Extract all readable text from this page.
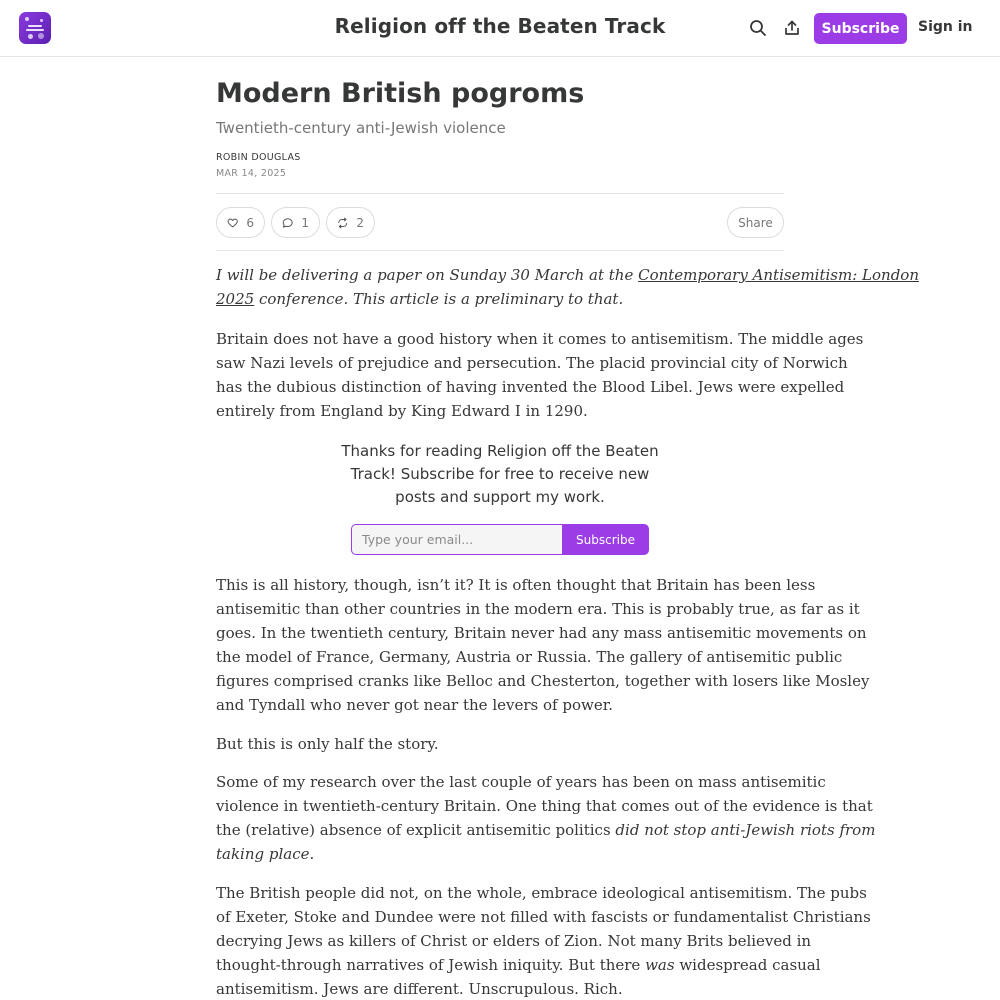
Religion off the Beaten Track	Subscribe	Sign in
Modern British pogroms
Twentieth-century anti-Jewish violence
ROBIN DOUGLAS
MAR 14, 2025
6	1	2	Share
I will be delivering a paper on Sunday 30 March at the Contemporary Antisemitism: London
2025 conference. This article is a preliminary to that.
Britain does not have a good history when it comes to antisemitism. The middle ages
saw Nazi levels of prejudice and persecution. The placid provincial city of Norwich
has the dubious distinction of having invented the Blood Libel. Jews were expelled
entirely from England by King Edward I in 1290.
Thanks for reading Religion off the Beaten
Track! Subscribe for free to receive new
posts and support my work.
Type your email...
Subscribe
This is all history, though, isn’t it? It is often thought that Britain has been less
antisemitic than other countries in the modern era. This is probably true, as far as it
goes. In the twentieth century, Britain never had any mass antisemitic movements on
the model of France, Germany, Austria or Russia. The gallery of antisemitic public
figures comprised cranks like Belloc and Chesterton, together with losers like Mosley
and Tyndall who never got near the levers of power.
But this is only half the story.
Some of my research over the last couple of years has been on mass antisemitic
violence in twentieth-century Britain. One thing that comes out of the evidence is that
the (relative) absence of explicit antisemitic politics did not stop anti-Jewish riots from
taking place.
The British people did not, on the whole, embrace ideological antisemitism. The pubs
of Exeter, Stoke and Dundee were not filled with fascists or fundamentalist Christians
decrying Jews as killers of Christ or elders of Zion. Not many Brits believed in
thought-through narratives of Jewish iniquity. But there was widespread casual
antisemitism. Jews are different. Unscrupulous. Rich.
